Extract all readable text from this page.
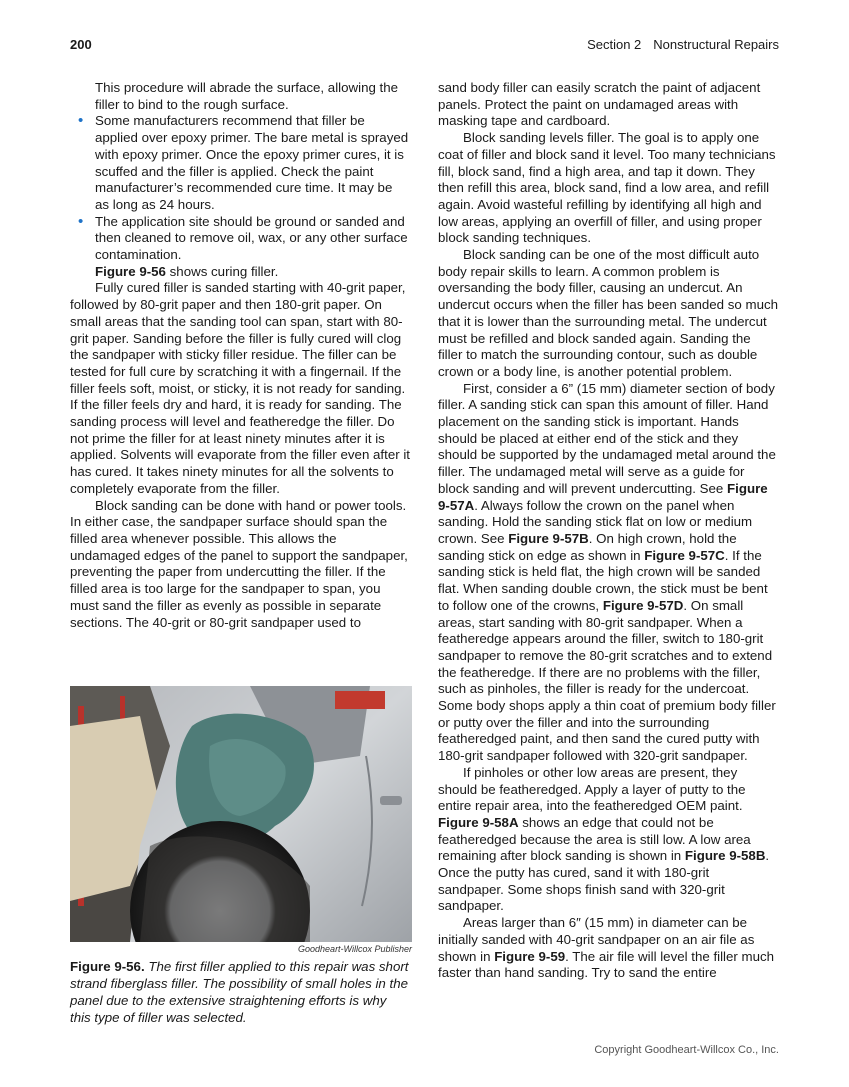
200	Section 2 Nonstructural Repairs

This procedure will abrade the surface, allowing the filler to bind to the rough surface.

• Some manufacturers recommend that filler be applied over epoxy primer. The bare metal is sprayed with epoxy primer. Once the epoxy primer cures, it is scuffed and the filler is applied. Check the paint manufacturer’s recommended cure time. It may be as long as 24 hours.
• The application site should be ground or sanded and then cleaned to remove oil, wax, or any other surface contamination.

Figure 9-56 shows curing filler.

Fully cured filler is sanded starting with 40-grit paper, followed by 80-grit paper and then 180-grit paper. On small areas that the sanding tool can span, start with 80-grit paper. Sanding before the filler is fully cured will clog the sandpaper with sticky filler residue. The filler can be tested for full cure by scratching it with a fingernail. If the filler feels soft, moist, or sticky, it is not ready for sanding. If the filler feels dry and hard, it is ready for sanding. The sanding process will level and featheredge the filler. Do not prime the filler for at least ninety minutes after it is applied. Solvents will evaporate from the filler even after it has cured. It takes ninety minutes for all the solvents to completely evaporate from the filler.

Block sanding can be done with hand or power tools. In either case, the sandpaper surface should span the filled area whenever possible. This allows the undamaged edges of the panel to support the sandpaper, preventing the paper from undercutting the filler. If the filled area is too large for the sandpaper to span, you must sand the filler as evenly as possible in separate sections. The 40-grit or 80-grit sandpaper used to

sand body filler can easily scratch the paint of adjacent panels. Protect the paint on undamaged areas with masking tape and cardboard.

Block sanding levels filler. The goal is to apply one coat of filler and block sand it level. Too many technicians fill, block sand, find a high area, and tap it down. They then refill this area, block sand, find a low area, and refill again. Avoid wasteful refilling by identifying all high and low areas, applying an overfill of filler, and using proper block sanding techniques.

Block sanding can be one of the most difficult auto body repair skills to learn. A common problem is oversanding the body filler, causing an undercut. An undercut occurs when the filler has been sanded so much that it is lower than the surrounding metal. The undercut must be refilled and block sanded again. Sanding the filler to match the surrounding contour, such as double crown or a body line, is another potential problem.

First, consider a 6” (15 mm) diameter section of body filler. A sanding stick can span this amount of filler. Hand placement on the sanding stick is important. Hands should be placed at either end of the stick and they should be supported by the undamaged metal around the filler. The undamaged metal will serve as a guide for block sanding and will prevent undercutting. See Figure 9-57A. Always follow the crown on the panel when sanding. Hold the sanding stick flat on low or medium crown. See Figure 9-57B. On high crown, hold the sanding stick on edge as shown in Figure 9-57C. If the sanding stick is held flat, the high crown will be sanded flat. When sanding double crown, the stick must be bent to follow one of the crowns, Figure 9-57D. On small areas, start sanding with 80-grit sandpaper. When a featheredge appears around the filler, switch to 180-grit sandpaper to remove the 80-grit scratches and to extend the featheredge. If there are no problems with the filler, such as pinholes, the filler is ready for the undercoat. Some body shops apply a thin coat of premium body filler or putty over the filler and into the surrounding featheredged paint, and then sand the cured putty with 180-grit sandpaper followed with 320-grit sandpaper.

If pinholes or other low areas are present, they should be featheredged. Apply a layer of putty to the entire repair area, into the featheredged OEM paint. Figure 9-58A shows an edge that could not be featheredged because the area is still low. A low area remaining after block sanding is shown in Figure 9-58B. Once the putty has cured, sand it with 180-grit sandpaper. Some shops finish sand with 320-grit sandpaper.

Areas larger than 6″ (15 mm) in diameter can be initially sanded with 40-grit sandpaper on an air file as shown in Figure 9-59. The air file will level the filler much faster than hand sanding. Try to sand the entire

Goodheart-Willcox Publisher
Figure 9-56. The first filler applied to this repair was short strand fiberglass filler. The possibility of small holes in the panel due to the extensive straightening efforts is why this type of filler was selected.
Copyright Goodheart-Willcox Co., Inc.
